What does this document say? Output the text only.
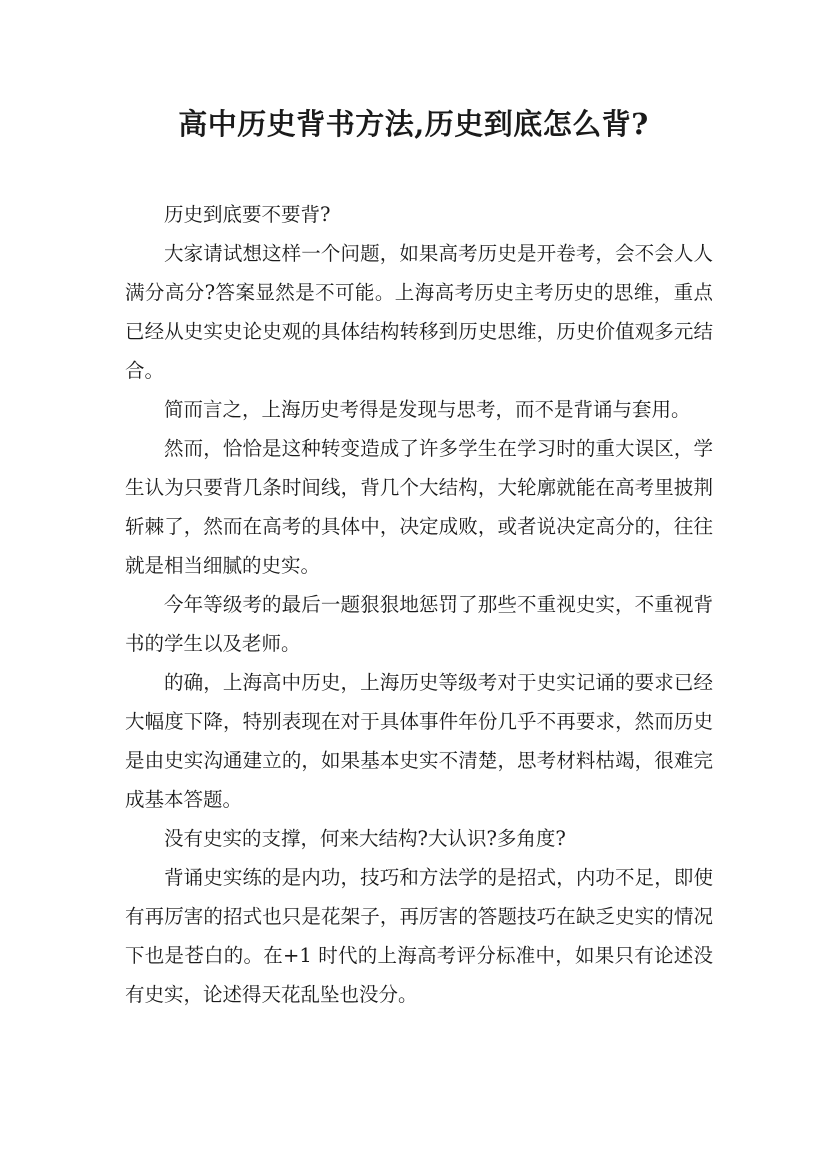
高中历史背书方法,历史到底怎么背?

历史到底要不要背?

大家请试想这样一个问题，如果高考历史是开卷考，会不会人人满分高分?答案显然是不可能。上海高考历史主考历史的思维，重点已经从史实史论史观的具体结构转移到历史思维，历史价值观多元结合。

简而言之，上海历史考得是发现与思考，而不是背诵与套用。

然而，恰恰是这种转变造成了许多学生在学习时的重大误区，学生认为只要背几条时间线，背几个大结构，大轮廓就能在高考里披荆斩棘了，然而在高考的具体中，决定成败，或者说决定高分的，往往就是相当细腻的史实。

今年等级考的最后一题狠狠地惩罚了那些不重视史实，不重视背书的学生以及老师。

的确，上海高中历史，上海历史等级考对于史实记诵的要求已经大幅度下降，特别表现在对于具体事件年份几乎不再要求，然而历史是由史实沟通建立的，如果基本史实不清楚，思考材料枯竭，很难完成基本答题。

没有史实的支撑，何来大结构?大认识?多角度?

背诵史实练的是内功，技巧和方法学的是招式，内功不足，即使有再厉害的招式也只是花架子，再厉害的答题技巧在缺乏史实的情况下也是苍白的。在+1 时代的上海高考评分标准中，如果只有论述没有史实，论述得天花乱坠也没分。
